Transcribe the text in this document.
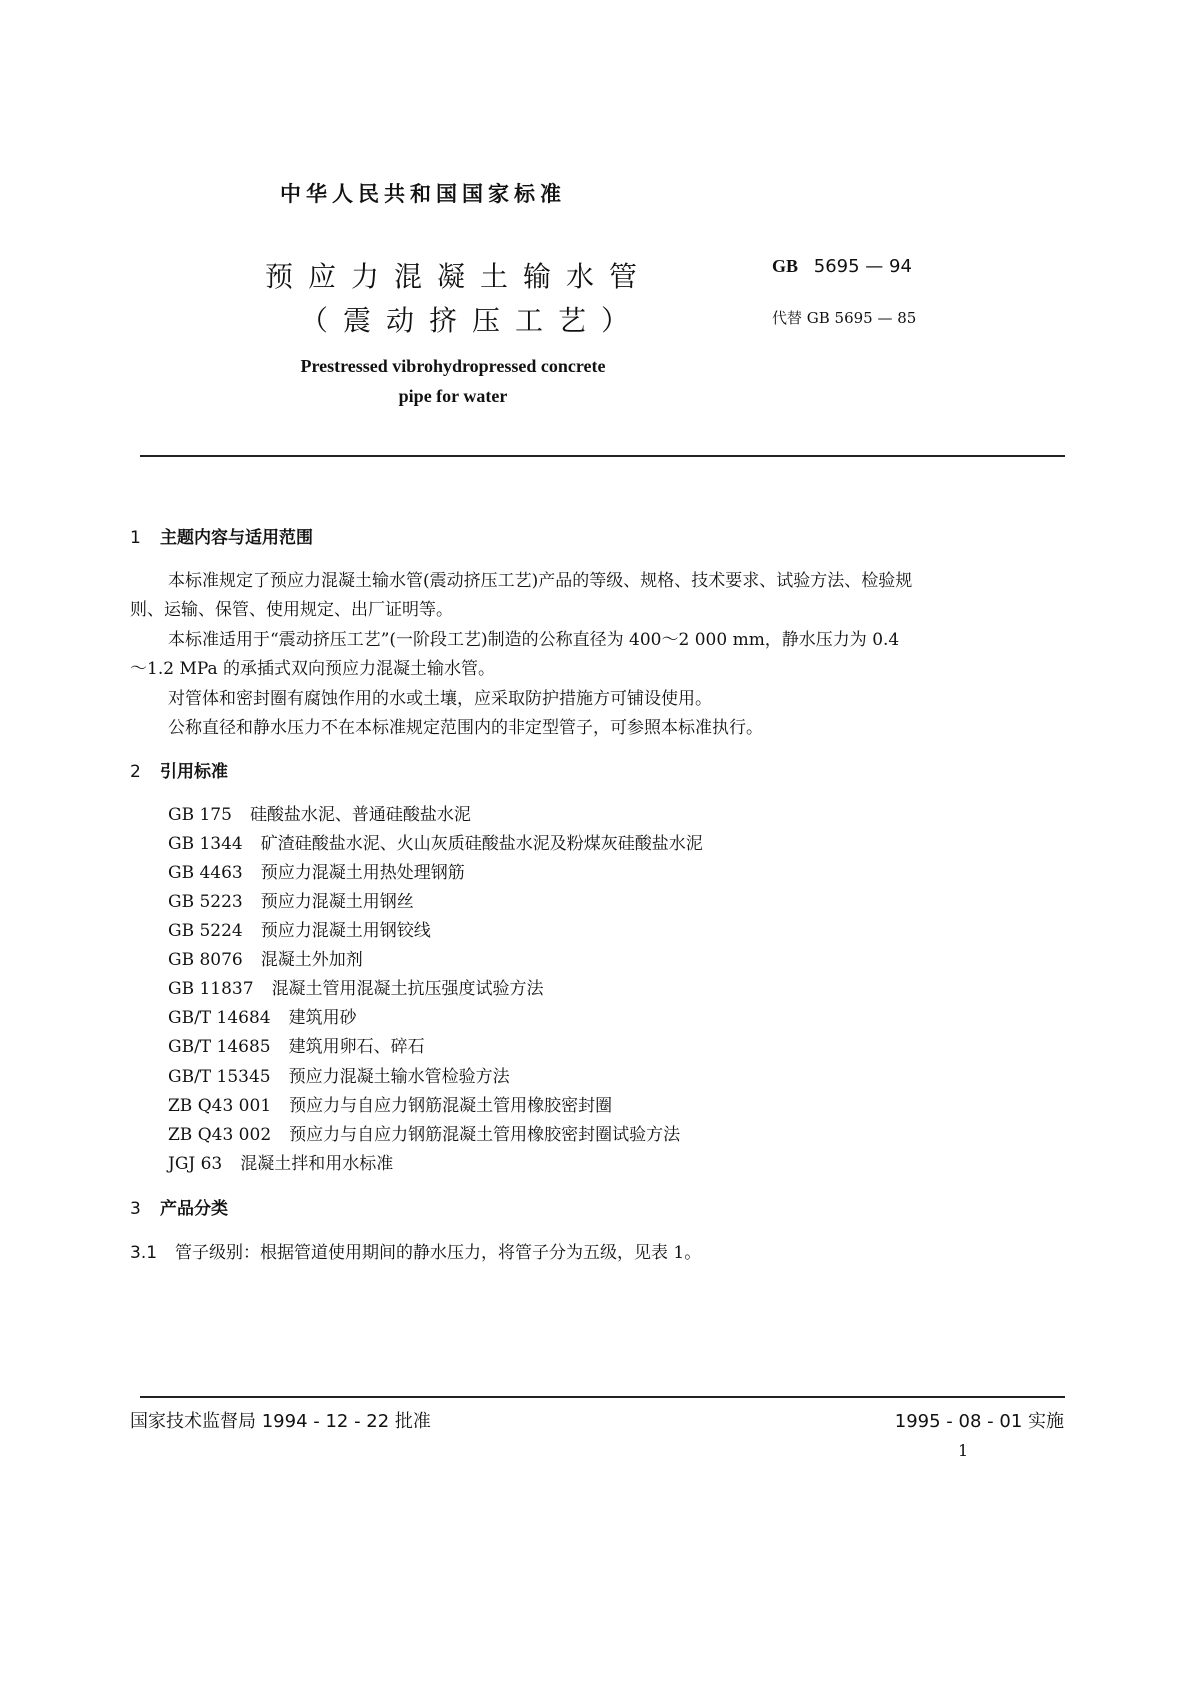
中华人民共和国国家标准
预应力混凝土输水管
（震动挤压工艺）
GB 5695 — 94
代替 GB 5695 — 85
Prestressed vibrohydropressed concrete
pipe for water
1 主题内容与适用范围
本标准规定了预应力混凝土输水管(震动挤压工艺)产品的等级、规格、技术要求、试验方法、检验规
则、运输、保管、使用规定、出厂证明等。
本标准适用于“震动挤压工艺”(一阶段工艺)制造的公称直径为 400～2 000 mm，静水压力为 0.4
～1.2 MPa 的承插式双向预应力混凝土输水管。
对管体和密封圈有腐蚀作用的水或土壤，应采取防护措施方可铺设使用。
公称直径和静水压力不在本标准规定范围内的非定型管子，可参照本标准执行。
2 引用标准
GB 175 硅酸盐水泥、普通硅酸盐水泥
GB 1344 矿渣硅酸盐水泥、火山灰质硅酸盐水泥及粉煤灰硅酸盐水泥
GB 4463 预应力混凝土用热处理钢筋
GB 5223 预应力混凝土用钢丝
GB 5224 预应力混凝土用钢铰线
GB 8076 混凝土外加剂
GB 11837 混凝土管用混凝土抗压强度试验方法
GB/T 14684 建筑用砂
GB/T 14685 建筑用卵石、碎石
GB/T 15345 预应力混凝土输水管检验方法
ZB Q43 001 预应力与自应力钢筋混凝土管用橡胶密封圈
ZB Q43 002 预应力与自应力钢筋混凝土管用橡胶密封圈试验方法
JGJ 63 混凝土拌和用水标准
3 产品分类
3.1 管子级别：根据管道使用期间的静水压力，将管子分为五级，见表 1。
国家技术监督局 1994 - 12 - 22 批准	1995 - 08 - 01 实施
1
